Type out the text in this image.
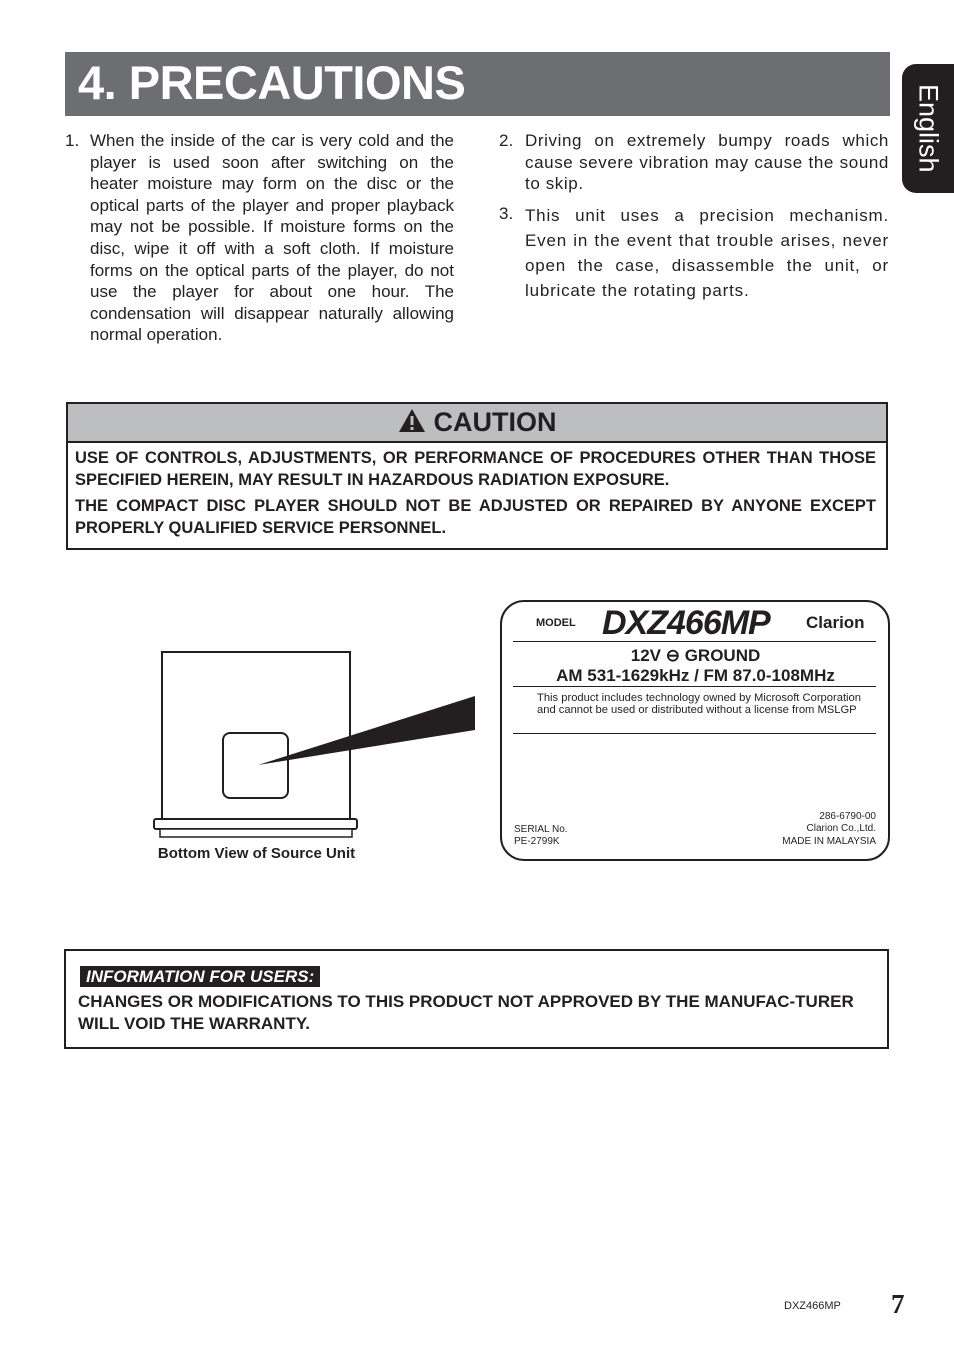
4. PRECAUTIONS
English
1. When the inside of the car is very cold and the player is used soon after switching on the heater moisture may form on the disc or the optical parts of the player and proper playback may not be possible. If moisture forms on the disc, wipe it off with a soft cloth. If moisture forms on the optical parts of the player, do not use the player for about one hour. The condensation will disappear naturally allowing normal operation.
2. Driving on extremely bumpy roads which cause severe vibration may cause the sound to skip.
3. This unit uses a precision mechanism. Even in the event that trouble arises, never open the case, disassemble the unit, or lubricate the rotating parts.
CAUTION
USE OF CONTROLS, ADJUSTMENTS, OR PERFORMANCE OF PROCEDURES OTHER THAN THOSE SPECIFIED HEREIN, MAY RESULT IN HAZARDOUS RADIATION EXPOSURE.
THE COMPACT DISC PLAYER SHOULD NOT BE ADJUSTED OR REPAIRED BY ANYONE EXCEPT PROPERLY QUALIFIED SERVICE PERSONNEL.
Bottom View of Source Unit
MODEL DXZ466MP Clarion
12V ⊖ GROUND
AM 531-1629kHz / FM 87.0-108MHz
This product includes technology owned by Microsoft Corporation and cannot be used or distributed without a license from MSLGP
SERIAL No.
PE-2799K
286-6790-00
Clarion Co.,Ltd.
MADE IN MALAYSIA
INFORMATION FOR USERS:
CHANGES OR MODIFICATIONS TO THIS PRODUCT NOT APPROVED BY THE MANUFAC-TURER WILL VOID THE WARRANTY.
DXZ466MP 7
